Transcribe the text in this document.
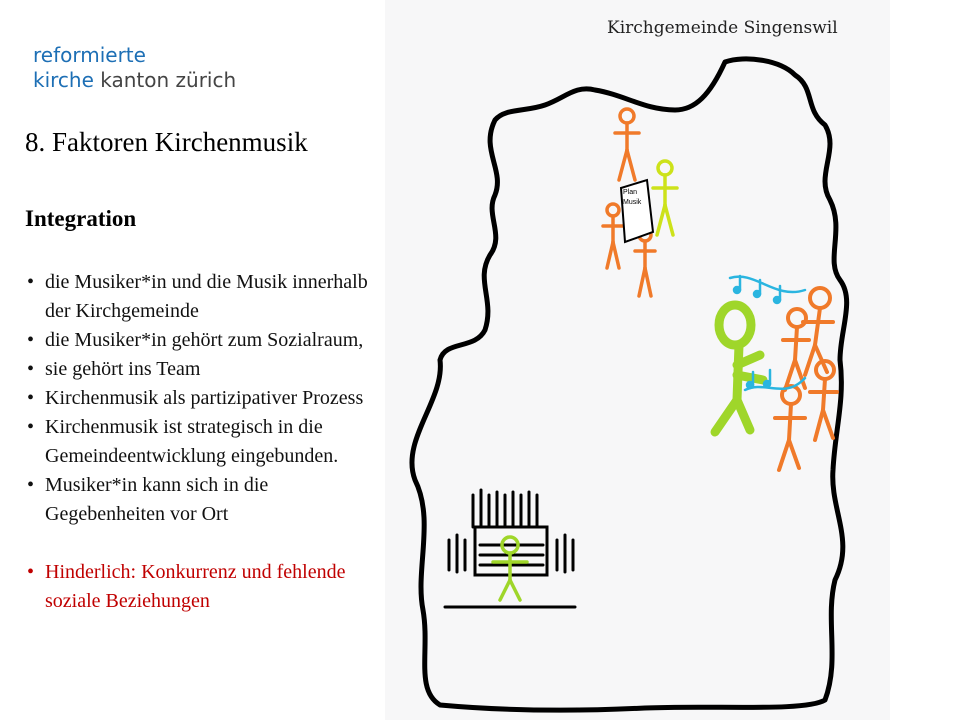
reformierte
kirche kanton zürich
8. Faktoren Kirchenmusik
Integration
• die Musiker*in und die Musik innerhalb der Kirchgemeinde
• die Musiker*in gehört zum Sozialraum,
• sie gehört ins Team
• Kirchenmusik als partizipativer Prozess
• Kirchenmusik ist strategisch in die Gemeindeentwicklung eingebunden.
• Musiker*in kann sich in die Gegebenheiten vor Ort
• Hinderlich: Konkurrenz und fehlende soziale Beziehungen
Kirchgemeinde Singenswil
Plan
Musik
